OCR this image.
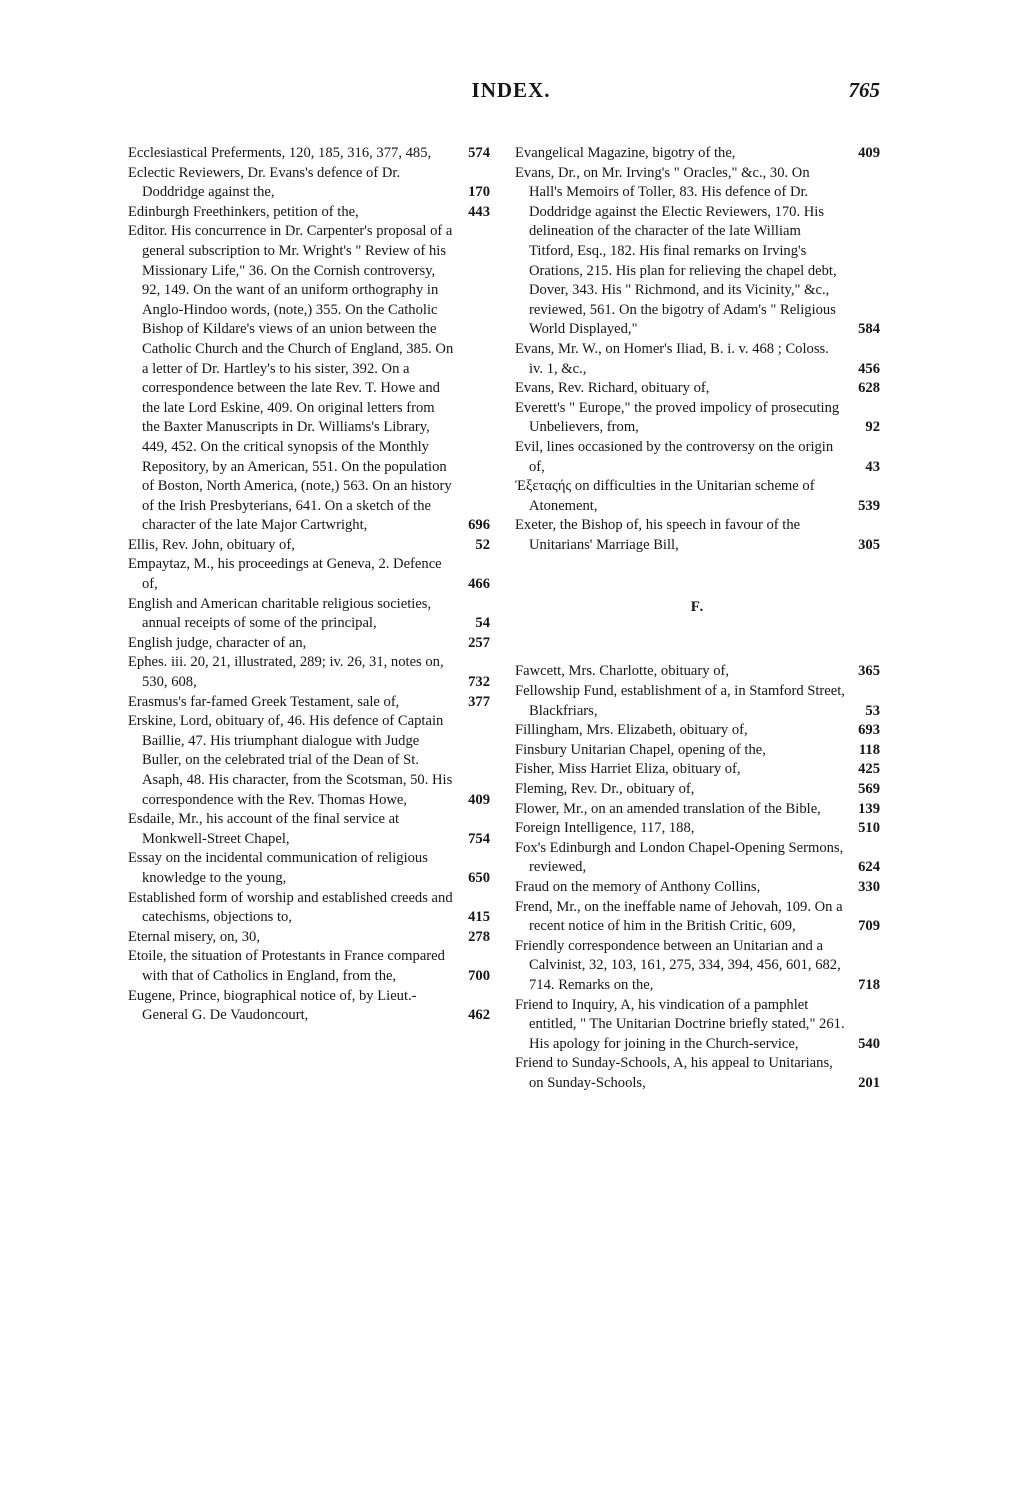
INDEX.	765
Ecclesiastical Preferments, 120, 185, 316, 377, 485,	574
Eclectic Reviewers, Dr. Evans's defence of Dr. Doddridge against the,	170
Edinburgh Freethinkers, petition of the,	443
Editor. His concurrence in Dr. Carpenter's proposal of a general subscription to Mr. Wright's " Review of his Missionary Life," 36. On the Cornish controversy, 92, 149. On the want of an uniform orthography in Anglo-Hindoo words, (note,) 355. On the Catholic Bishop of Kildare's views of an union between the Catholic Church and the Church of England, 385. On a letter of Dr. Hartley's to his sister, 392. On a correspondence between the late Rev. T. Howe and the late Lord Eskine, 409. On original letters from the Baxter Manuscripts in Dr. Williams's Library, 449, 452. On the critical synopsis of the Monthly Repository, by an American, 551. On the population of Boston, North America, (note,) 563. On an history of the Irish Presbyterians, 641. On a sketch of the character of the late Major Cartwright,	696
Ellis, Rev. John, obituary of,	52
Empaytaz, M., his proceedings at Geneva, 2. Defence of,	466
English and American charitable religious societies, annual receipts of some of the principal,	54
English judge, character of an,	257
Ephes. iii. 20, 21, illustrated, 289; iv. 26, 31, notes on, 530, 608,	732
Erasmus's far-famed Greek Testament, sale of,	377
Erskine, Lord, obituary of, 46. His defence of Captain Baillie, 47. His triumphant dialogue with Judge Buller, on the celebrated trial of the Dean of St. Asaph, 48. His character, from the Scotsman, 50. His correspondence with the Rev. Thomas Howe,	409
Esdaile, Mr., his account of the final service at Monkwell-Street Chapel,	754
Essay on the incidental communication of religious knowledge to the young,	650
Established form of worship and established creeds and catechisms, objections to,	415
Eternal misery, on, 30,	278
Etoile, the situation of Protestants in France compared with that of Catholics in England, from the,	700
Eugene, Prince, biographical notice of, by Lieut.-General G. De Vaudoncourt,	462
Evangelical Magazine, bigotry of the,	409
Evans, Dr., on Mr. Irving's " Oracles," &c., 30. On Hall's Memoirs of Toller, 83. His defence of Dr. Doddridge against the Electic Reviewers, 170. His delineation of the character of the late William Titford, Esq., 182. His final remarks on Irving's Orations, 215. His plan for relieving the chapel debt, Dover, 343. His " Richmond, and its Vicinity," &c., reviewed, 561. On the bigotry of Adam's " Religious World Displayed,"	584
Evans, Mr. W., on Homer's Iliad, B. i. v. 468 ; Coloss. iv. 1, &c.,	456
Evans, Rev. Richard, obituary of,	628
Everett's " Europe," the proved impolicy of prosecuting Unbelievers, from,	92
Evil, lines occasioned by the controversy on the origin of,	43
Ἐξεταςής on difficulties in the Unitarian scheme of Atonement,	539
Exeter, the Bishop of, his speech in favour of the Unitarians' Marriage Bill,	305
F.
Fawcett, Mrs. Charlotte, obituary of,	365
Fellowship Fund, establishment of a, in Stamford Street, Blackfriars,	53
Fillingham, Mrs. Elizabeth, obituary of,	693
Finsbury Unitarian Chapel, opening of the,	118
Fisher, Miss Harriet Eliza, obituary of,	425
Fleming, Rev. Dr., obituary of,	569
Flower, Mr., on an amended translation of the Bible,	139
Foreign Intelligence, 117, 188,	510
Fox's Edinburgh and London Chapel-Opening Sermons, reviewed,	624
Fraud on the memory of Anthony Collins,	330
Frend, Mr., on the ineffable name of Jehovah, 109. On a recent notice of him in the British Critic, 609,	709
Friendly correspondence between an Unitarian and a Calvinist, 32, 103, 161, 275, 334, 394, 456, 601, 682, 714. Remarks on the,	718
Friend to Inquiry, A, his vindication of a pamphlet entitled, " The Unitarian Doctrine briefly stated," 261. His apology for joining in the Church-service,	540
Friend to Sunday-Schools, A, his appeal to Unitarians, on Sunday-Schools,	201
